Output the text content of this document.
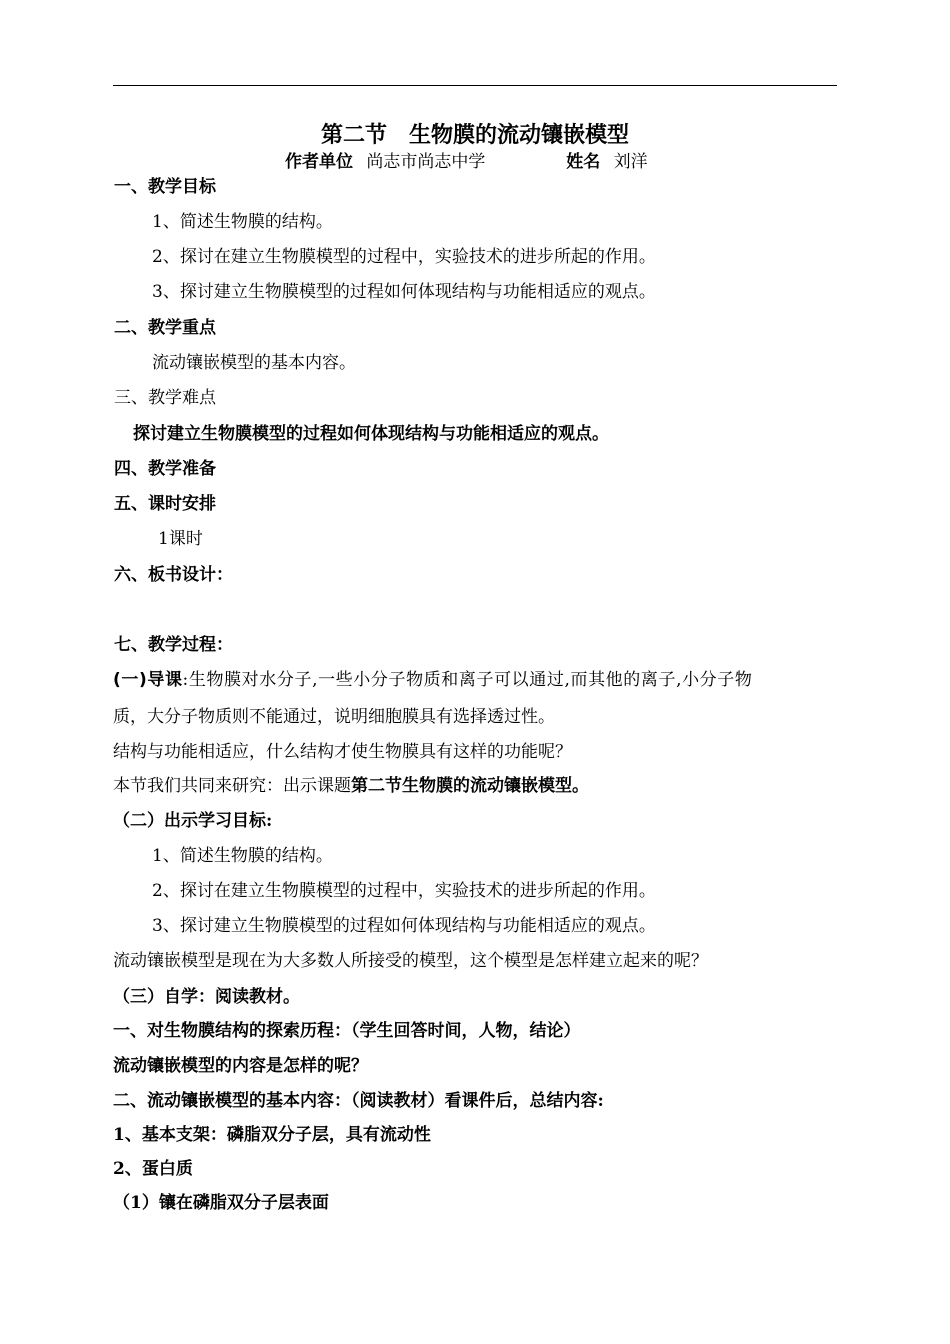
第二节　生物膜的流动镶嵌模型
作者单位 尚志市尚志中学	姓名 刘洋
一、教学目标
1、简述生物膜的结构。
2、探讨在建立生物膜模型的过程中，实验技术的进步所起的作用。
3、探讨建立生物膜模型的过程如何体现结构与功能相适应的观点。
二、教学重点
流动镶嵌模型的基本内容。
三、教学难点
探讨建立生物膜模型的过程如何体现结构与功能相适应的观点。
四、教学准备
五、课时安排
1课时
六、板书设计：
七、教学过程：
(一)导课:生物膜对水分子,一些小分子物质和离子可以通过,而其他的离子,小分子物
质，大分子物质则不能通过，说明细胞膜具有选择透过性。
结构与功能相适应，什么结构才使生物膜具有这样的功能呢？
本节我们共同来研究：出示课题第二节生物膜的流动镶嵌模型。
（二）出示学习目标:
1、简述生物膜的结构。
2、探讨在建立生物膜模型的过程中，实验技术的进步所起的作用。
3、探讨建立生物膜模型的过程如何体现结构与功能相适应的观点。
流动镶嵌模型是现在为大多数人所接受的模型，这个模型是怎样建立起来的呢？
（三）自学：阅读教材。
一、对生物膜结构的探索历程：（学生回答时间，人物，结论）
流动镶嵌模型的内容是怎样的呢？
二、流动镶嵌模型的基本内容：（阅读教材）看课件后，总结内容:
1、基本支架：磷脂双分子层，具有流动性
2、蛋白质
（1）镶在磷脂双分子层表面
